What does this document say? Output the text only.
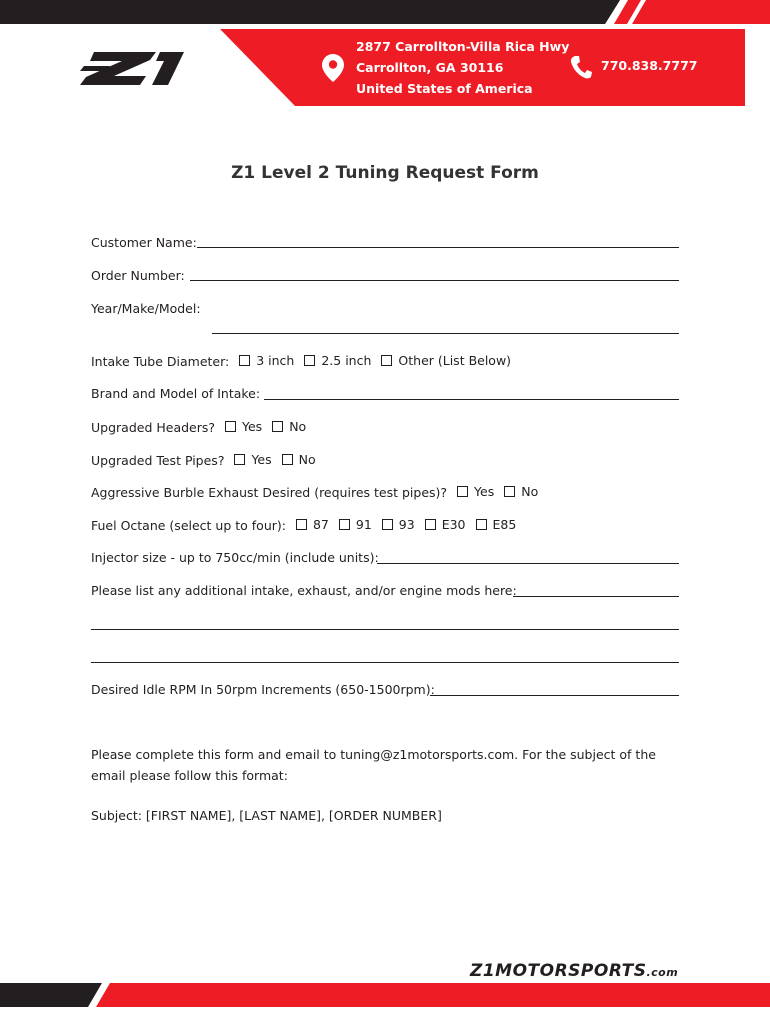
2877 Carrollton-Villa Rica Hwy
Carrollton, GA 30116
United States of America
770.838.7777
Z1 Level 2 Tuning Request Form
Customer Name:
Order Number:
Year/Make/Model:
Intake Tube Diameter: 3 inch 2.5 inch Other (List Below)
Brand and Model of Intake:
Upgraded Headers? Yes No
Upgraded Test Pipes? Yes No
Aggressive Burble Exhaust Desired (requires test pipes)? Yes No
Fuel Octane (select up to four): 87 91 93 E30 E85
Injector size - up to 750cc/min (include units):
Please list any additional intake, exhaust, and/or engine mods here:
Desired Idle RPM In 50rpm Increments (650-1500rpm):
Please complete this form and email to tuning@z1motorsports.com. For the subject of the email please follow this format:
Subject: [FIRST NAME], [LAST NAME], [ORDER NUMBER]
Z1MOTORSPORTS.com
